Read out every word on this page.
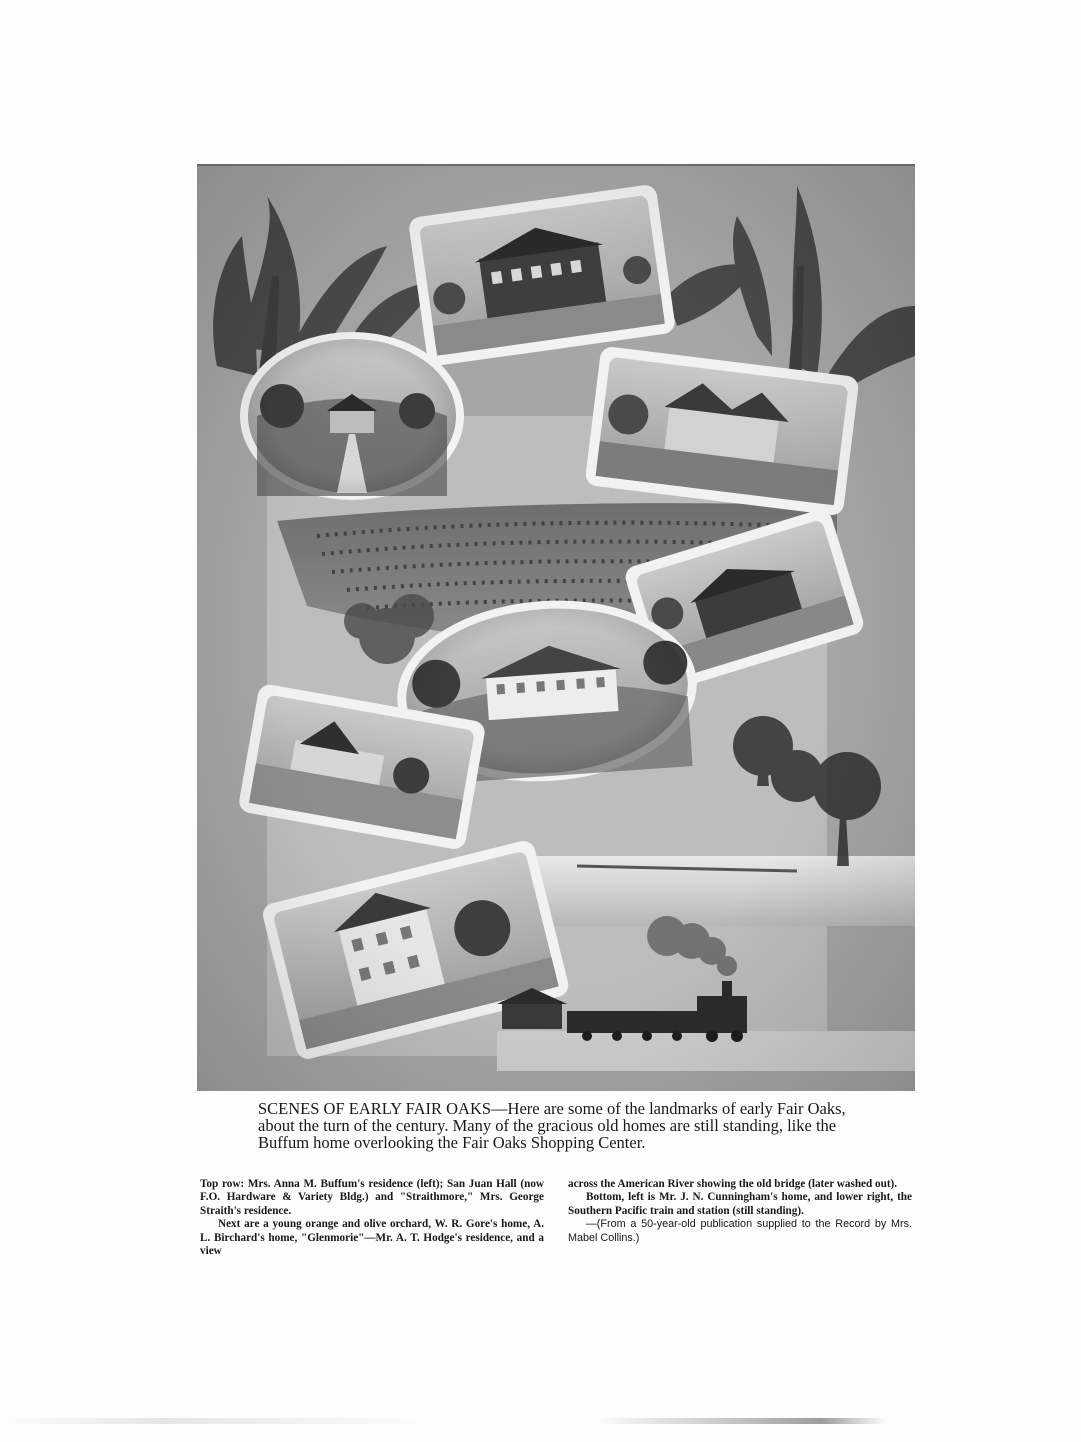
SCENES OF EARLY FAIR OAKS—Here are some of the landmarks of early Fair Oaks, about the turn of the century. Many of the gracious old homes are still standing, like the Buffum home overlooking the Fair Oaks Shopping Center.

Top row: Mrs. Anna M. Buffum's residence (left); San Juan Hall (now F.O. Hardware & Variety Bldg.) and "Straithmore," Mrs. George Straith's residence.

Next are a young orange and olive orchard, W. R. Gore's home, A. L. Birchard's home, "Glenmorie"—Mr. A. T. Hodge's residence, and a view

across the American River showing the old bridge (later washed out).

Bottom, left is Mr. J. N. Cunningham's home, and lower right, the Southern Pacific train and station (still standing).

—(From a 50-year-old publication supplied to the Record by Mrs. Mabel Collins.)
